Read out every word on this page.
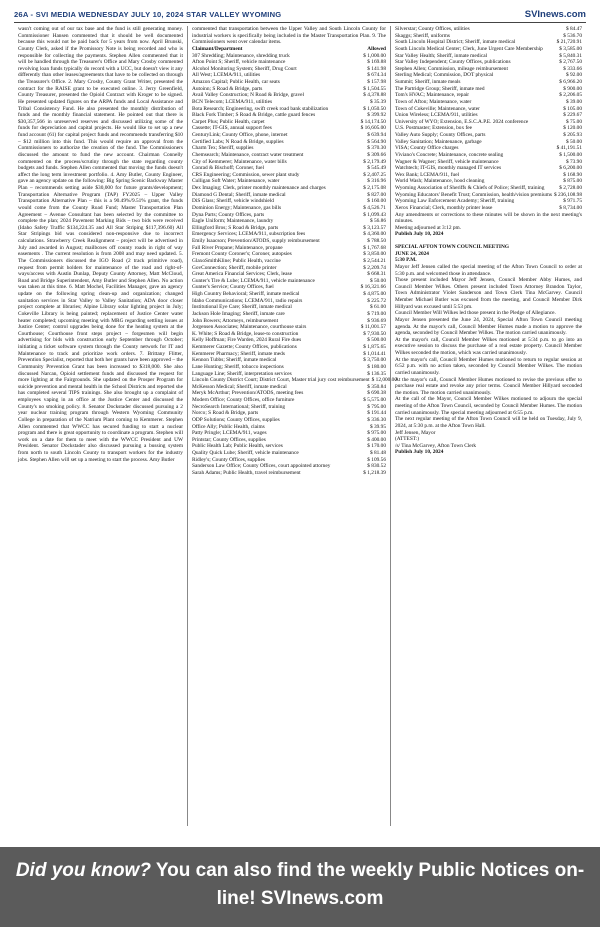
26A - SVI MEDIA WEDNESDAY JULY 10, 2024 STAR VALLEY WYOMING	SVInews.com

wasn't coming out of our tax base and the fund is still generating money. Commissioner Hansen commented that it should be well documented because this would not be paid back for 5 years from now. April Brunski, County Clerk, asked if the Promissory Note is being recorded and who is responsible for collecting the payments. Stephen Allen commented that it will be handled through the Treasurer's Office and Mary Crosby commented revolving loan funds typically do record with a UCC, but doesn't view it any differently than other leases/agreements that have to be collected on through the Treasurer's Office. 2. Mary Crosby, County Grant Writer, presented the contract for the RAISE grant to be executed online. 3. Jerry Greenfield, County Treasurer, presented the Opioid Contract with Kroger to be signed. He presented updated figures on the ARPA funds and Local Assistance and Tribal Consistency Fund. He also presented the monthly distribution of funds and the monthly financial statement. He pointed out that there is $30,357,566 in unreserved reserves and discussed utilizing some of the funds for depreciation and capital projects. He would like to set up a new fund account (61) for capital project funds and recommends transferring $10 – $12 million into this fund. This would require an approval from the Commissioners to authorize the creation of the fund. The Commissioners discussed the amount to fund the new account. Chairman Connelly commented on the process/scrutiny through the state regarding county budgets and funds. Stephen Allen commented that moving the funds doesn't affect the long term investment portfolio. 4. Amy Butler, County Engineer, gave an agency update on the following: Big Spring Scenic Backway Master Plan – recommends setting aside $30,000 for future grants/development; Transportation Alternative Program (TAP) FY2025 – Upper Valley Transportation Alternative Plan – this is a 90.49%/9.51% grant, the funds would come from the County Road Fund; Master Transportation Plan Agreement – Avenue Consultant has been selected by the committee to complete the plan; 2024 Pavement Marking Bids – two bids were received (Idaho Safety Traffic $134,224.35 and All Star Striping $117,396.60) All Star Stripings bid was considered non-responsive due to incorrect calculations. Strawberry Creek Realignment – project will be advertised in July and awarded in August; mailboxes off county roads in right of way easements . The current resolution is from 2008 and may need updated. 5. The Commissioners discussed the IGO Road (2 track primitive road), request from permit holders for maintenance of the road and right-of-ways/access with Austin Dunlap, Deputy County Attorney, Matt McCloud, Road and Bridge Superintendent, Amy Butler and Stephen Allen. No action was taken at this time. 6. Matt Mochel, Facilities Manager, gave an agency update on the following spring clean-up and organization; changed sanitation services in Star Valley to Valley Sanitation; ADA door closer project complete at libraries; Alpine Library solar lighting project in July; Cokeville Library is being painted; replacement of Justice Center water heater completed; upcoming meeting with MRG regarding settling issues at Justice Center; control upgrades being done for the heating system at the Courthouse; Courthouse front steps project – forgesmen will begin advertising for bids with construction early September through October; initiating a ticket software system through the County network for IT and Maintenance to track and prioritize work orders. 7. Brittany Flitter, Prevention Specialist, reported that both her grants have been approved – the Community Prevention Grant has been increased to $318,000. She also discussed Narcan, Opioid settlement funds and discussed the request for more lighting at the Fairgrounds. She updated on the Prosper Program for suicide prevention and mental health in the School Districts and reported she has completed several TIPS trainings. She also brought up a complaint of employees vaping in an office at the Justice Center and discussed the County's no smoking policy. 8. Senator Dockstader discussed pursuing a 2 year nuclear training program through Western Wyoming Community College in preparation of the Natrium Plant coming to Kemmerer. Stephen Allen commented that WWCC has secured funding to start a nuclear program and there is great opportunity to coordinate a program. Stephen will work on a date for them to meet with the WWCC President and UW President. Senator Dockstader also discussed pursuing a bussing system from north to south Lincoln County to transport workers for the industry jobs. Stephen Allen will set up a meeting to start the process. Amy Butler

commented that transportation between the Upper Valley and South Lincoln County for industrial workers is specifically being included in the Master Transportation Plan. 9. The Commissioners went over calendar items.

Claimant/Department	Allowed
307 Shredding; Maintenance, shredding truck	$ 1,000.00
Afton Point S; Sheriff, vehicle maintenance	$ 169.88
Alcohol Monitoring System; Sheriff, Drug Court	$ 141.98
All West; LCEMA/911, utilities	$ 674.34
Amazon Capital; Public Health, car seats	$ 157.98
Autoinn; S Road & Bridge, parts	$ 1,504.55
Avail Valley Construction; N Road & Bridge, gravel	$ 4,378.88
BCN Telecom; LCEMA/911, utilities	$ 35.39
Bota Research; Engineering, swift creek road bank stabilization	$ 1,050.50
Black Fork Timber; S Road & Bridge, cattle guard fences	$ 399.92
Carpet Plus; Public Health, carpet	$ 14,174.50
Cassette; IT-GIS, annual support fees	$ 16,605.00
CenturyLink; County Office, phone, internet	$ 639.94
Certified Labs; N Road & Bridge, supplies	$ 564.90
Charm Tex; Sheriff, supplies	$ 370.30
Chemsearch; Maintenance, contract water treatment	$ 309.66
City of Kemmerer; Maintenance, water bills	$ 2,179.49
Conrad & Bischoff; Coroner, fuel	$ 545.49
CRS Engineering; Commission, sewer plant study	$ 2,407.25
Culligan Soft Water; Maintenance, water	$ 316.96
Dex Imaging; Clerk, printer monthly maintenance and charges	$ 2,175.08
Diamond G Dental; Sheriff, inmate medical	$ 827.00
DiS Glass; Sheriff, vehicle windshield	$ 160.00
Dominion Energy; Maintenance, gas bills	$ 4,526.71
Dyna Parts; County Offices, parts	$ 1,099.43
Eagle Uniform; Maintenance, laundry	$ 56.86
Ellingford Bros; S Road & Bridge, parts	$ 3,123.57
Emergency Services; LCEMA/911, subscription fees	$ 4,360.00
Emily Isaacson; Prevention/ATODS, supply reimbursement	$ 788.50
Fall River Propane; Maintenance, propane	$ 1,767.68
Fremont County Coroner's; Coroner, autopsies	$ 3,850.00
GlaxoSmithKline; Public Health, vaccine	$ 2,544.21
GovConnection; Sheriff, mobile printer	$ 2,209.74
Great America Financial Services; Clerk, lease	$ 668.31
Gunter's Tire & Lube; LCEMA/911, vehicle maintenance	$ 50.00
Gunter's Service; County Offices, fuel	$ 16,321.66
High Country Behavioral; Sheriff, inmate medical	$ 4,875.00
Idaho Communications; LCEMA/911, radio repairs	$ 225.72
Institutional Eye Care; Sheriff, inmate medical	$ 61.00
Jackson Hole Imaging; Sheriff, inmate care	$ 719.00
John Bowers; Attorneys, reimbursement	$ 936.69
Jorgensen Associates; Maintenance, courthouse stairs	$ 11,001.57
K. White; S Road & Bridge, lease-to construction	$ 7,930.50
Kelly Hoffman; Fire Warden, 2024 Rural Fire dues	$ 500.00
Kemmerer Gazette; County Offices, publications	$ 1,875.65
Kemmerer Pharmacy; Sheriff, inmate meds	$ 1,014.41
Kennon Tubbs; Sheriff, inmate medical	$ 3,750.00
Lane Hunting; Sheriff, tobacco inspections	$ 180.00
Language Line; Sheriff, interpretation services	$ 136.35
Lincoln County District Court; District Court, Master trial jury cost reimbursement $ 12,000.00
McKesson Medical; Sheriff, inmate medical	$ 350.84
Meryk McArthur; Prevention/ATODS, meeting fees	$ 690.38
Modern Office; County Offices, office furniture	$ 5,575.00
NecroSearch International; Sheriff, training	$ 795.00
Norco; S Road & Bridge, parts	$ 191.44
ODP Solutions; County Offices, supplies	$ 336.30
Office Ally; Public Health, claims	$ 39.95
Patty Pringle; LCEMA/911, wages	$ 975.00
Printstar; County Offices, supplies	$ 400.00
Public Health Lab; Public Health, services	$ 170.00
Quality Quick Lube; Sheriff, vehicle maintenance	$ 81.48
Ridley's; County Offices, supplies	$ 109.56
Sanderson Law Office; County Offices, court appointed attorney	$ 830.52
Sarah Adams; Public Health, travel reimbursement	$ 1,218.39
Silverstar; County Offices, utilities	$ 84.47
Skaggs; Sheriff, uniforms	$ 536.70
South Lincoln Hospital District; Sheriff, inmate medical	$ 21,720.91
South Lincoln Medical Center; Clerk, June Urgent Care Membership	$ 3,585.00
Star Valley Health; Sheriff, inmate medical	$ 5,840.31
Star Valley Independent; County Offices, publications	$ 2,767.50
Stephen Allen; Commission, mileage reimbursement	$ 333.66
Sterling Medical; Commission, DOT physical	$ 92.00
Summit; Sheriff, inmate meals	$ 6,966.20
The Partridge Group; Sheriff, inmate med	$ 900.00
Tom's HVAC; Maintenance, repair	$ 2,206.05
Town of Afton; Maintenance, water	$ 39.00
Town of Cokeville; Maintenance, water	$ 105.00
Union Wireless; LCEMA/911, utilities	$ 229.67
University of WYO; Extension, E.S.C.A.P.E. 2024 conference	$ 75.00
U.S. Postmaster; Extension, box fee	$ 120.00
Valley Auto Supply; County Offices, parts	$ 205.93
Valley Sanitation; Maintenance, garbage	$ 50.00
VISA; County Office charges	$ 41,191.51
Viviano's Concrete; Maintenance, concrete sealing	$ 1,500.00
Wagner & Wagner; Sheriff, vehicle maintenance	$ 73.90
Watchtech; IT-GIS, monthly managed IT services	$ 6,200.00
Wex Bank; LCEMA/911, fuel	$ 168.90
World Wash; Maintenance, hood cleaning	$ 875.00
Wyoming Association of Sheriffs & Chiefs of Police; Sheriff, training	$ 2,728.00
Wyoming Educators' Benefit Trust; Commission, health/vision premiums $ 236,108.98
Wyoming Law Enforcement Academy; Sheriff, training	$ 971.75
Xerox Financial; Clerk, monthly printer lease	$ 8,734.00

Any amendments or corrections to these minutes will be shown in the next meeting's minutes.

Meeting adjourned at 3:12 pm.

Publish July 10, 2024

SPECIAL AFTON TOWN COUNCIL MEETING

JUNE 24, 2024

5:30 P.M.

Mayor Jeff Jensen called the special meeting of the Afton Town Council to order at 5:30 p.m. and welcomed those in attendance.

Those present included Mayor Jeff Jensen, Council Member Abby Humes, and Council Member Wilkes. Others present included Town Attorney Brandon Taylor, Town Administrator Violet Sanderson and Town Clerk Tina McGarvey. Council Member Michael Butler was excused from the meeting, and Council Member Dirk Hillyard was excused until 5:53 pm.

Council Member Will Wilkes led those present in the Pledge of Allegiance.

Mayor Jensen presented the June 24, 2024, Special Afton Town Council meeting agenda. At the mayor's call, Council Member Humes made a motion to approve the agenda, seconded by Council Member Wilkes. The motion carried unanimously.

At the mayor's call, Council Member Wilkes motioned at 5:34 p.m. to go into an executive session to discuss the purchase of a real estate property. Council Member Wilkes seconded the motion, which was carried unanimously.

At the mayor's call, Council Member Humes motioned to return to regular session at 6:52 p.m. with no action taken, seconded by Council Member Wilkes. The motion carried unanimously.

At the mayor's call, Council Member Humes motioned to revise the previous offer to purchase real estate and revoke any prior terms. Council Member Hillyard seconded the motion. The motion carried unanimously.

At the call of the Mayor, Council Member Wilkes motioned to adjourn the special meeting of the Afton Town Council, seconded by Council Member Humes. The motion carried unanimously. The special meeting adjourned at 6:55 p.m.

The next regular meeting of the Afton Town Council will be held on Tuesday, July 9, 2024, at 5:30 p.m. at the Afton Town Hall.

Jeff Jensen, Mayor

(ATTEST:)

/s/ Tina McGarvey, Afton Town Clerk

Publish July 10, 2024

Did you know? You can also find the weekly Public Notices on-
line! SVInews.com
